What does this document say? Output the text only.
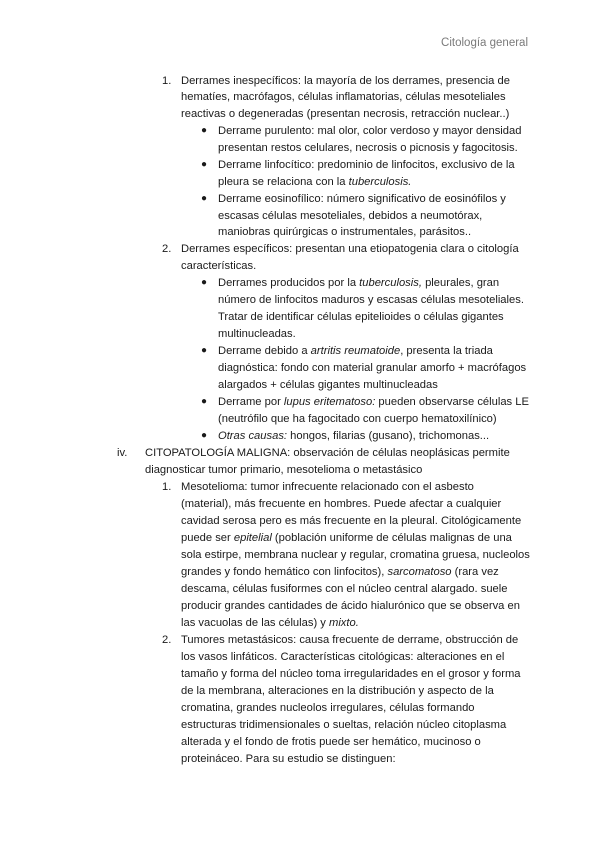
Citología general
1. Derrames inespecíficos: la mayoría de los derrames, presencia de
hematíes, macrófagos, células inflamatorias, células mesoteliales
reactivas o degeneradas (presentan necrosis, retracción nuclear..)
● Derrame purulento: mal olor, color verdoso y mayor densidad
presentan restos celulares, necrosis o picnosis y fagocitosis.
● Derrame linfocítico: predominio de linfocitos, exclusivo de la
pleura se relaciona con la tuberculosis.
● Derrame eosinofílico: número significativo de eosinófilos y
escasas células mesoteliales, debidos a neumotórax,
maniobras quirúrgicas o instrumentales, parásitos..
2. Derrames específicos: presentan una etiopatogenia clara o citología
características.
● Derrames producidos por la tuberculosis, pleurales, gran
número de linfocitos maduros y escasas células mesoteliales.
Tratar de identificar células epitelioides o células gigantes
multinucleadas.
● Derrame debido a artritis reumatoide, presenta la triada
diagnóstica: fondo con material granular amorfo + macrófagos
alargados + células gigantes multinucleadas
● Derrame por lupus eritematoso: pueden observarse células LE
(neutrófilo que ha fagocitado con cuerpo hematoxilínico)
● Otras causas: hongos, filarias (gusano), trichomonas...
iv. CITOPATOLOGÍA MALIGNA: observación de células neoplásicas permite
diagnosticar tumor primario, mesotelioma o metastásico
1. Mesotelioma: tumor infrecuente relacionado con el asbesto
(material), más frecuente en hombres. Puede afectar a cualquier
cavidad serosa pero es más frecuente en la pleural. Citológicamente
puede ser epitelial (población uniforme de células malignas de una
sola estirpe, membrana nuclear y regular, cromatina gruesa, nucleolos
grandes y fondo hemático con linfocitos), sarcomatoso (rara vez
descama, células fusiformes con el núcleo central alargado. suele
producir grandes cantidades de ácido hialurónico que se observa en
las vacuolas de las células) y mixto.
2. Tumores metastásicos: causa frecuente de derrame, obstrucción de
los vasos linfáticos. Características citológicas: alteraciones en el
tamaño y forma del núcleo toma irregularidades en el grosor y forma
de la membrana, alteraciones en la distribución y aspecto de la
cromatina, grandes nucleolos irregulares, células formando
estructuras tridimensionales o sueltas, relación núcleo citoplasma
alterada y el fondo de frotis puede ser hemático, mucinoso o
proteináceo. Para su estudio se distinguen:
